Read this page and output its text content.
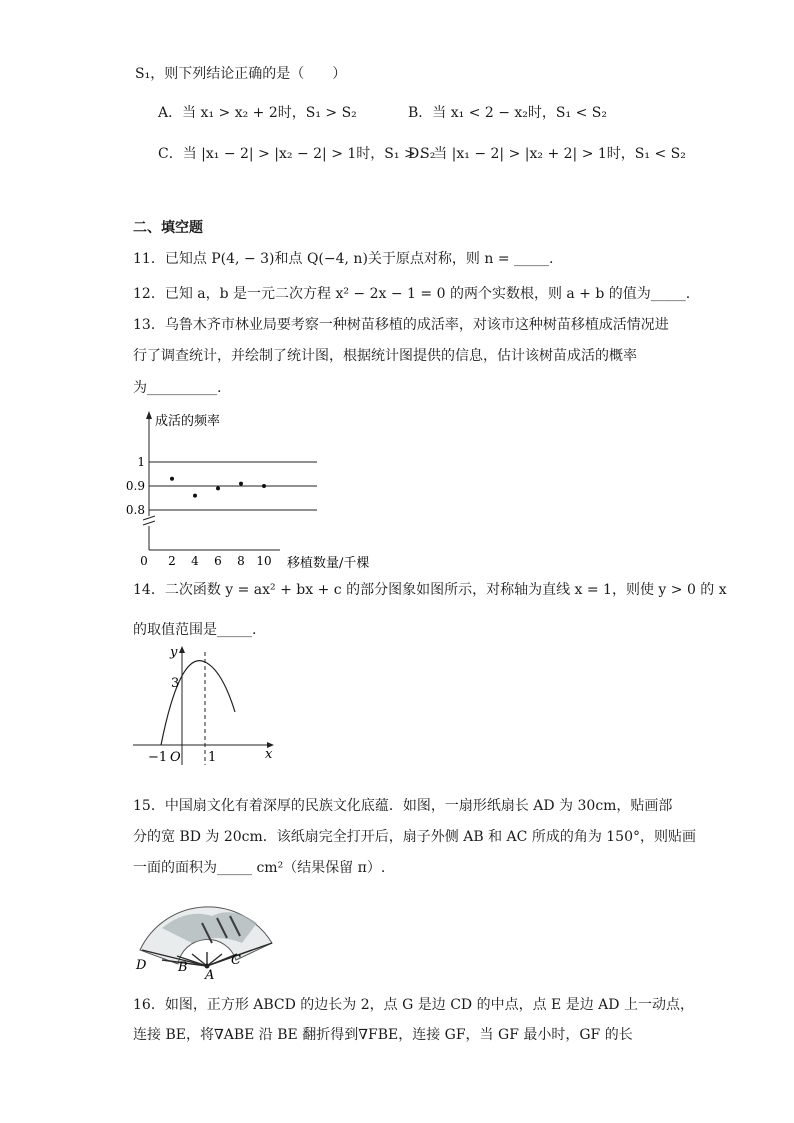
S₁，则下列结论正确的是（　　）
A．当 x₁ > x₂ + 2时，S₁ > S₂	B．当 x₁ < 2 − x₂时，S₁ < S₂
C．当 |x₁ − 2| > |x₂ − 2| > 1时，S₁ > S₂
D．当 |x₁ − 2| > |x₂ + 2| > 1时，S₁ < S₂
二、填空题
11．已知点 P(4, − 3)和点 Q(−4, n)关于原点对称，则 n = _____.
12．已知 a，b 是一元二次方程 x² − 2x − 1 = 0 的两个实数根，则 a + b 的值为_____.
13．乌鲁木齐市林业局要考察一种树苗移植的成活率，对该市这种树苗移植成活情况进
行了调查统计，并绘制了统计图，根据统计图提供的信息，估计该树苗成活的概率
为__________.
1
0.9
0.8
0 2 4 6 8 10
成活的频率
移植数量/千棵
14．二次函数 y = ax² + bx + c 的部分图象如图所示，对称轴为直线 x = 1，则使 y > 0 的 x
的取值范围是_____.
y
x
O
−1	1
3
15．中国扇文化有着深厚的民族文化底蕴．如图，一扇形纸扇长 AD 为 30cm，贴画部
分的宽 BD 为 20cm．该纸扇完全打开后，扇子外侧 AB 和 AC 所成的角为 150°，则贴画
一面的面积为_____ cm²（结果保留 π）.
D B
A
C
16．如图，正方形 ABCD 的边长为 2，点 G 是边 CD 的中点，点 E 是边 AD 上一动点，
连接 BE，将∇ABE 沿 BE 翻折得到∇FBE，连接 GF，当 GF 最小时，GF 的长
